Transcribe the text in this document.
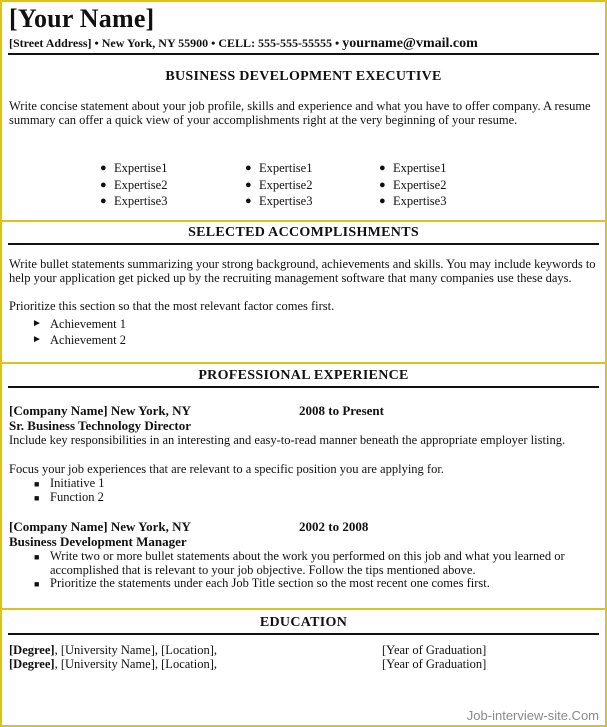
[Your Name]
[Street Address] • New York, NY 55900 • CELL: 555-555-55555 • yourname@vmail.com
BUSINESS DEVELOPMENT EXECUTIVE
Write concise statement about your job profile, skills and experience and what you have to offer company. A resume summary can offer a quick view of your accomplishments right at the very beginning of your resume.
● Expertise1
● Expertise2
● Expertise3
● Expertise1
● Expertise2
● Expertise3
● Expertise1
● Expertise2
● Expertise3
SELECTED ACCOMPLISHMENTS
Write bullet statements summarizing your strong background, achievements and skills. You may include keywords to help your application get picked up by the recruiting management software that many companies use these days.
Prioritize this section so that the most relevant factor comes first.
► Achievement 1
► Achievement 2
PROFESSIONAL EXPERIENCE
[Company Name] New York, NY	2008 to Present
Sr. Business Technology Director
Include key responsibilities in an interesting and easy-to-read manner beneath the appropriate employer listing.
Focus your job experiences that are relevant to a specific position you are applying for.
■ Initiative 1
■ Function 2
[Company Name] New York, NY	2002 to 2008
Business Development Manager
■ Write two or more bullet statements about the work you performed on this job and what you learned or accomplished that is relevant to your job objective. Follow the tips mentioned above.
■ Prioritize the statements under each Job Title section so the most recent one comes first.
EDUCATION
[Degree], [University Name], [Location],	[Year of Graduation]
[Degree], [University Name], [Location],	[Year of Graduation]
Job-interview-site.Com
